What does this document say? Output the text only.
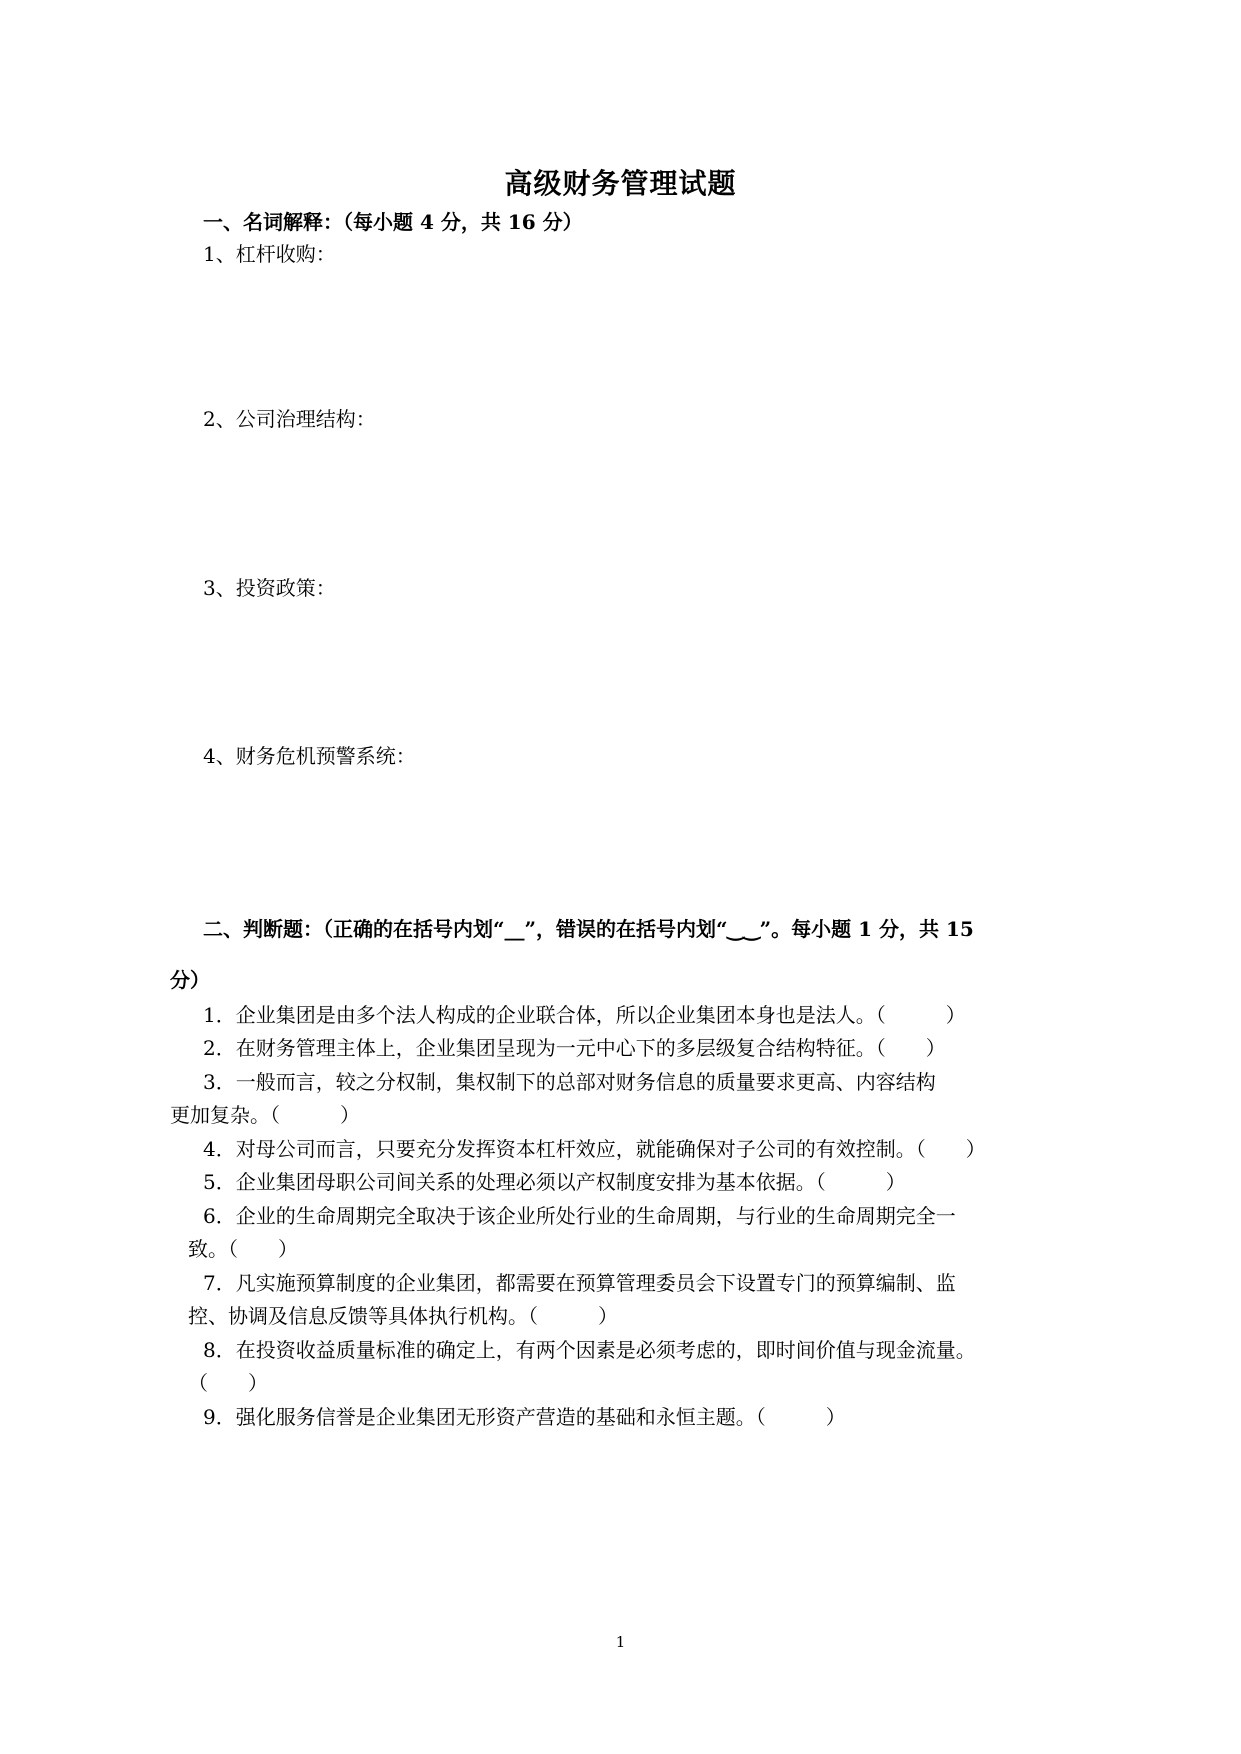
高级财务管理试题
一、名词解释：（每小题 4 分，共 16 分）
1、杠杆收购：
2、公司治理结构：
3、投资政策：
4、财务危机预警系统：
二、判断题：（正确的在括号内划“__”，错误的在括号内划“‿‿”。每小题 1 分，共 15
分）
1．企业集团是由多个法人构成的企业联合体，所以企业集团本身也是法人。（　　　）
2．在财务管理主体上，企业集团呈现为一元中心下的多层级复合结构特征。（　　）
3．一般而言，较之分权制，集权制下的总部对财务信息的质量要求更高、内容结构
更加复杂。（　　　）
4．对母公司而言，只要充分发挥资本杠杆效应，就能确保对子公司的有效控制。（　　）
5．企业集团母职公司间关系的处理必须以产权制度安排为基本依据。（　　　）
6．企业的生命周期完全取决于该企业所处行业的生命周期，与行业的生命周期完全一
致。（　　）
7．凡实施预算制度的企业集团，都需要在预算管理委员会下设置专门的预算编制、监
控、协调及信息反馈等具体执行机构。（　　　）
8．在投资收益质量标准的确定上，有两个因素是必须考虑的，即时间价值与现金流量。
（　　）
9．强化服务信誉是企业集团无形资产营造的基础和永恒主题。（　　　）
1
